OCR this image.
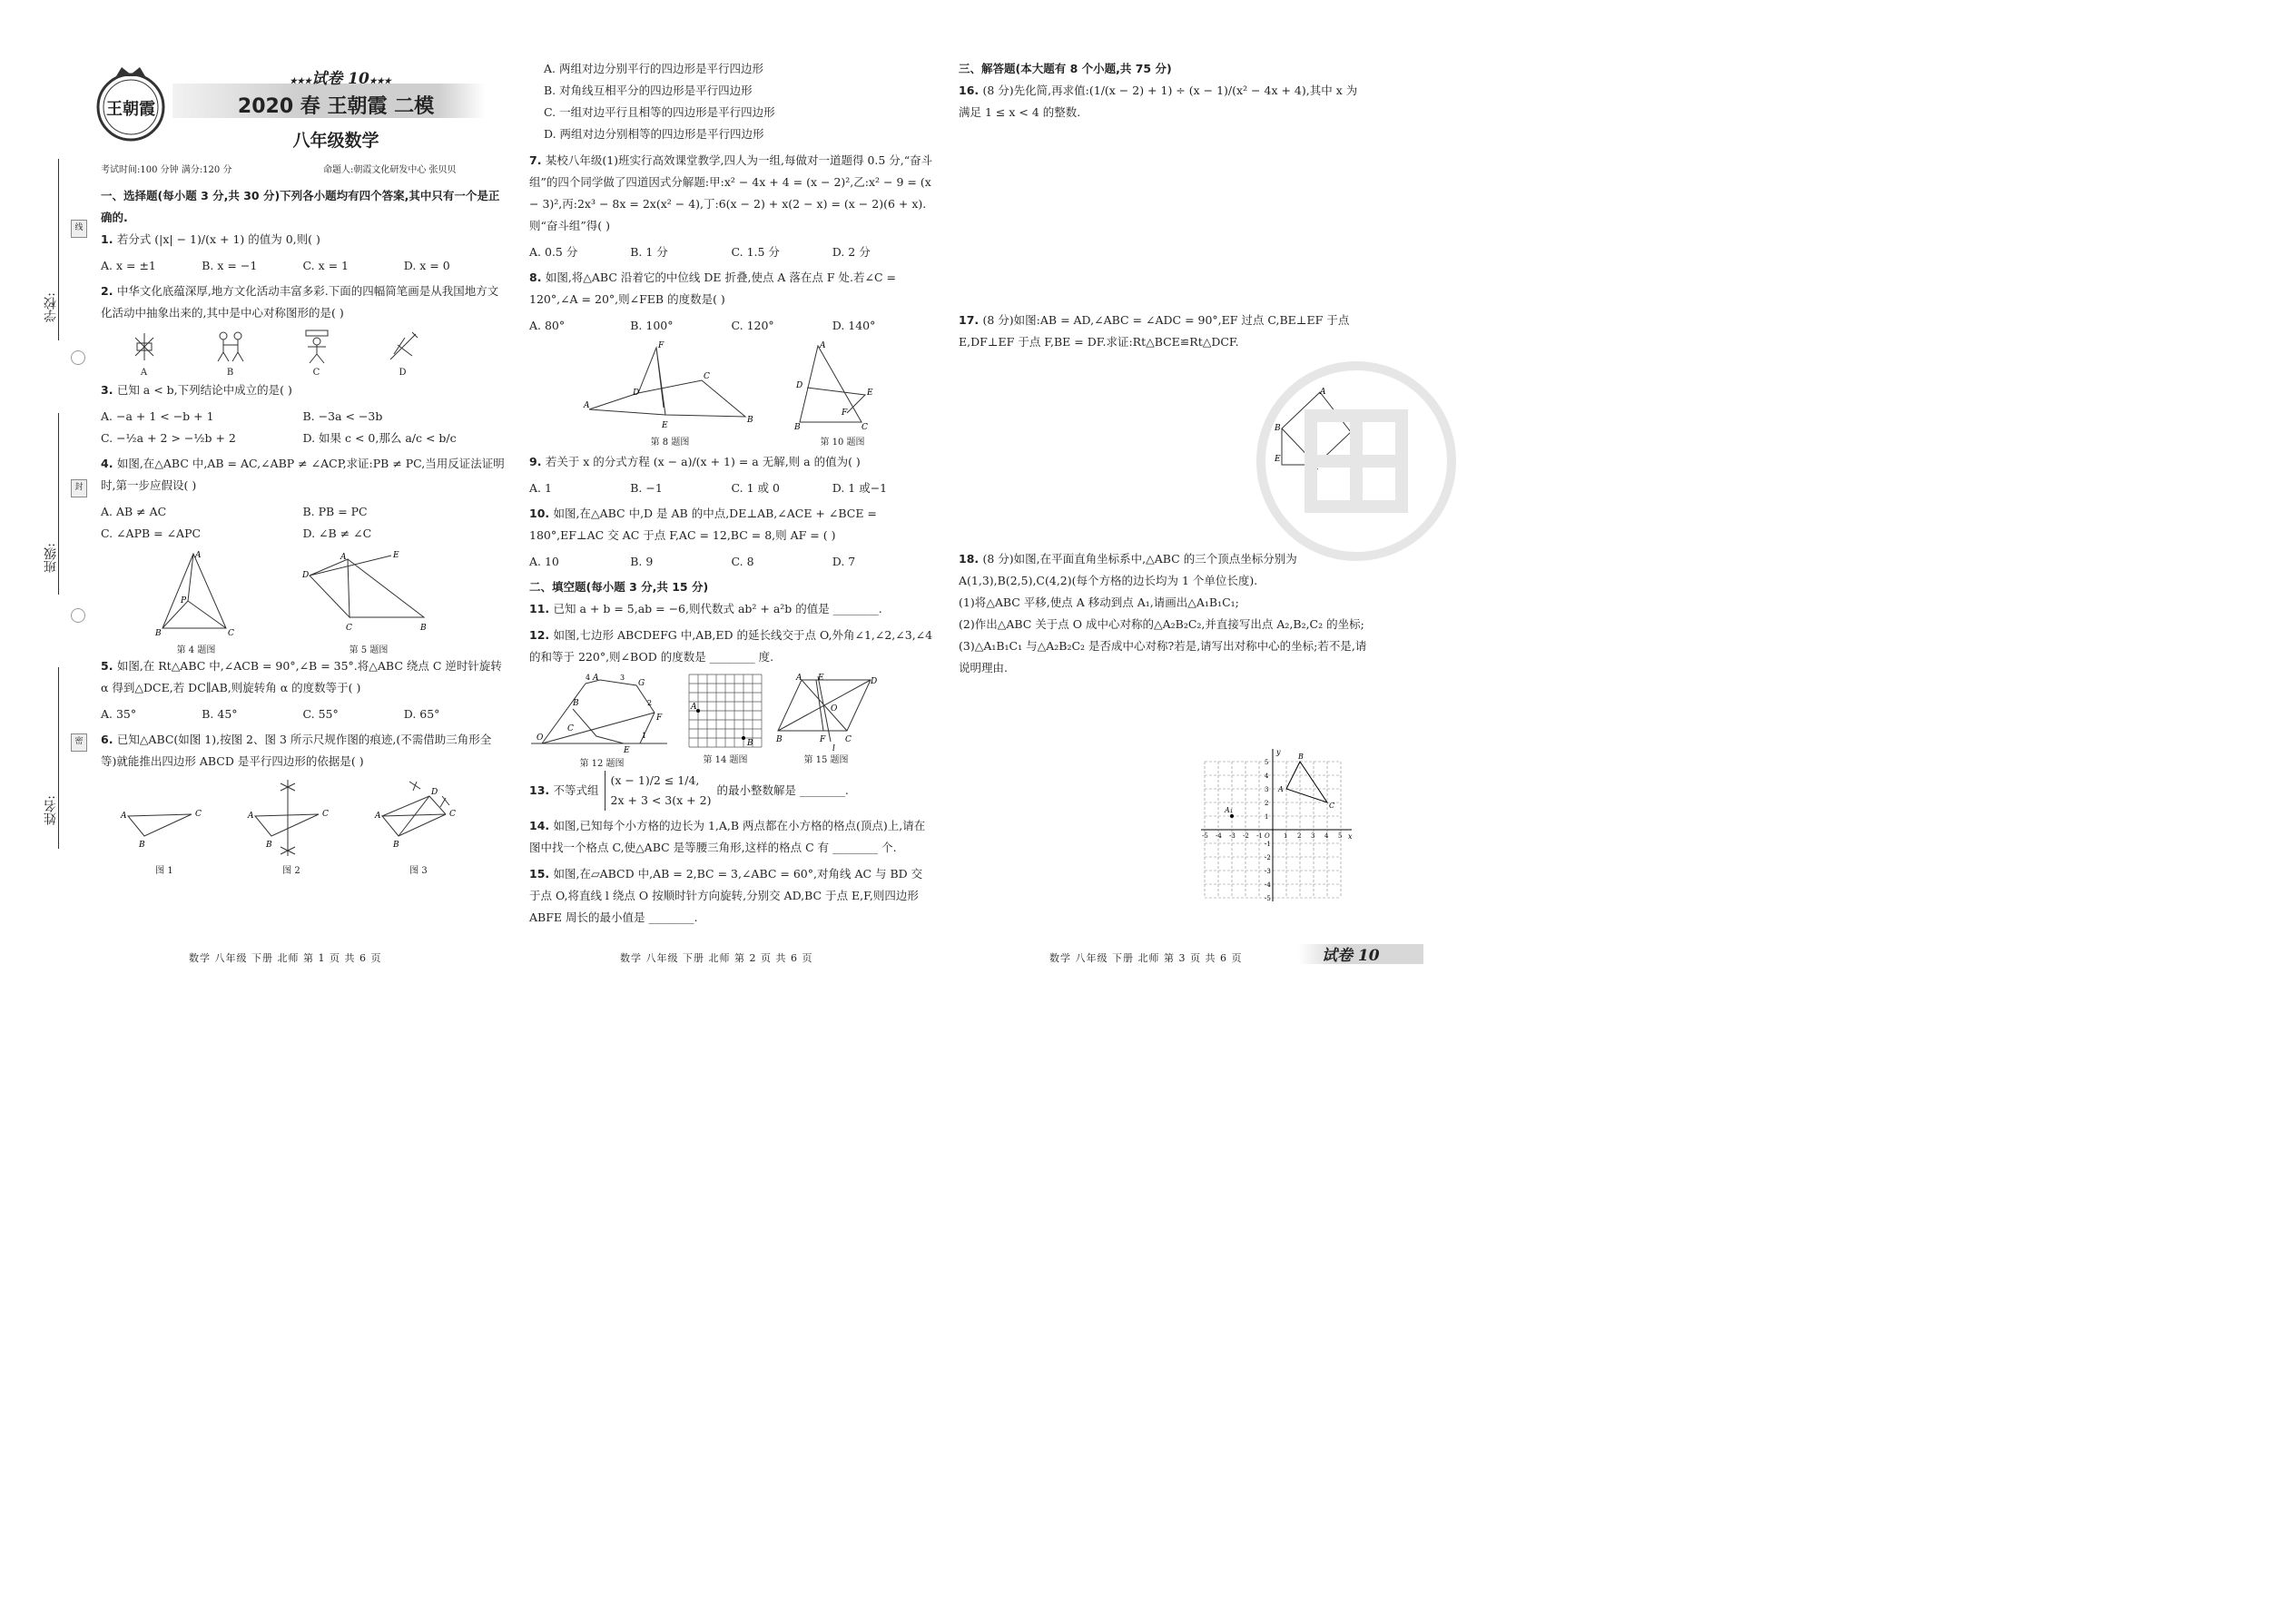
学校:
班级:
姓名:
线
封
密
王朝霞
★★★试卷 10★★★
2020 春 王朝霞 二模
八年级数学
考试时间:100 分钟 满分:120 分	命题人:朝霞文化研发中心 张贝贝
一、选择题(每小题 3 分,共 30 分)下列各小题均有四个答案,其中只有一个是正确的.
1. 若分式 (|x| − 1)/(x + 1) 的值为 0,则( )
A. x = ±1	B. x = −1	C. x = 1	D. x = 0
2. 中华文化底蕴深厚,地方文化活动丰富多彩.下面的四幅简笔画是从我国地方文化活动中抽象出来的,其中是中心对称图形的是( )
A	B	C	D
3. 已知 a < b,下列结论中成立的是( )
A. −a + 1 < −b + 1	B. −3a < −3b
C. −½a + 2 > −½b + 2	D. 如果 c < 0,那么 a/c < b/c
4. 如图,在△ABC 中,AB = AC,∠ABP ≠ ∠ACP,求证:PB ≠ PC,当用反证法证明时,第一步应假设( )
A. AB ≠ AC	B. PB = PC
C. ∠APB = ∠APC	D. ∠B ≠ ∠C
A
B	C
P
第 4 题图
D
A	E
C	B
第 5 题图
5. 如图,在 Rt△ABC 中,∠ACB = 90°,∠B = 35°.将△ABC 绕点 C 逆时针旋转 α 得到△DCE,若 DC∥AB,则旋转角 α 的度数等于( )
A. 35°	B. 45°	C. 55°	D. 65°
6. 已知△ABC(如图 1),按图 2、图 3 所示尺规作图的痕迹,(不需借助三角形全等)就能推出四边形 ABCD 是平行四边形的依据是( )
A	C
B
图 1
A	C
B
图 2
A	C
B
D
图 3
数学 八年级 下册 北师 第 1 页 共 6 页
A. 两组对边分别平行的四边形是平行四边形
B. 对角线互相平分的四边形是平行四边形
C. 一组对边平行且相等的四边形是平行四边形
D. 两组对边分别相等的四边形是平行四边形
7. 某校八年级(1)班实行高效课堂教学,四人为一组,每做对一道题得 0.5 分,“奋斗组”的四个同学做了四道因式分解题:甲:x² − 4x + 4 = (x − 2)²,乙:x² − 9 = (x − 3)²,丙:2x³ − 8x = 2x(x² − 4),丁:6(x − 2) + x(2 − x) = (x − 2)(6 + x).则“奋斗组”得( )
A. 0.5 分	B. 1 分	C. 1.5 分	D. 2 分
8. 如图,将△ABC 沿着它的中位线 DE 折叠,使点 A 落在点 F 处.若∠C = 120°,∠A = 20°,则∠FEB 的度数是( )
A. 80°	B. 100°	C. 120°	D. 140°
A
F
D
C
E
B
第 8 题图
A
D
E
F
B	C
第 10 题图
9. 若关于 x 的分式方程 (x − a)/(x + 1) = a 无解,则 a 的值为( )
A. 1	B. −1	C. 1 或 0	D. 1 或−1
10. 如图,在△ABC 中,D 是 AB 的中点,DE⊥AB,∠ACE + ∠BCE = 180°,EF⊥AC 交 AC 于点 F,AC = 12,BC = 8,则 AF = ( )
A. 10	B. 9	C. 8	D. 7
二、填空题(每小题 3 分,共 15 分)
11. 已知 a + b = 5,ab = −6,则代数式 ab² + a²b 的值是 ________.
12. 如图,七边形 ABCDEFG 中,AB,ED 的延长线交于点 O,外角∠1,∠2,∠3,∠4 的和等于 220°,则∠BOD 的度数是 ________ 度.
O
B
A
G
F
C
E
1
2
3
4
第 12 题图
A
B
第 14 题图
A E	D
B	F C
O
l
第 15 题图
13. 不等式组
(x − 1)/2 ≤ 1/4,
2x + 3 < 3(x + 2)
的最小整数解是 ________.
14. 如图,已知每个小方格的边长为 1,A,B 两点都在小方格的格点(顶点)上,请在图中找一个格点 C,使△ABC 是等腰三角形,这样的格点 C 有 ________ 个.
15. 如图,在▱ABCD 中,AB = 2,BC = 3,∠ABC = 60°,对角线 AC 与 BD 交于点 O,将直线 l 绕点 O 按顺时针方向旋转,分别交 AD,BC 于点 E,F,则四边形 ABFE 周长的最小值是 ________.
数学 八年级 下册 北师 第 2 页 共 6 页
三、解答题(本大题有 8 个小题,共 75 分)
16. (8 分)先化简,再求值:(1/(x − 2) + 1) ÷ (x − 1)/(x² − 4x + 4),其中 x 为满足 1 ≤ x < 4 的整数.
17. (8 分)如图:AB = AD,∠ABC = ∠ADC = 90°,EF 过点 C,BE⊥EF 于点 E,DF⊥EF 于点 F,BE = DF.求证:Rt△BCE≌Rt△DCF.
18. (8 分)如图,在平面直角坐标系中,△ABC 的三个顶点坐标分别为 A(1,3),B(2,5),C(4,2)(每个方格的边长均为 1 个单位长度).
(1)将△ABC 平移,使点 A 移动到点 A₁,请画出△A₁B₁C₁;
(2)作出△ABC 关于点 O 成中心对称的△A₂B₂C₂,并直接写出点 A₂,B₂,C₂ 的坐标;
(3)△A₁B₁C₁ 与△A₂B₂C₂ 是否成中心对称?若是,请写出对称中心的坐标;若不是,请说明理由.
A
B	D
E
C
F
x
y
-5
-5
-4
-4
-3
-3
-2
-2
-1
-1
1
1
2
2
3
3
4
4
5
5
O
A
B
C
A₁
数学 八年级 下册 北师 第 3 页 共 6 页	试卷 10
